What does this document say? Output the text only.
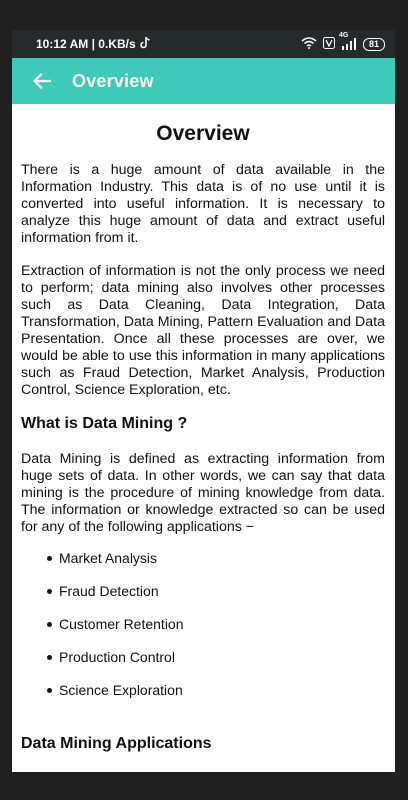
10:12 AM | 0.KB/s
4G
81
Overview
Overview

There is a huge amount of data available in the Information Industry. This data is of no use until it is converted into useful information. It is necessary to analyze this huge amount of data and extract useful information from it.

Extraction of information is not the only process we need to perform; data mining also involves other processes such as Data Cleaning, Data Integration, Data Transformation, Data Mining, Pattern Evaluation and Data Presentation. Once all these processes are over, we would be able to use this information in many applications such as Fraud Detection, Market Analysis, Production Control, Science Exploration, etc.

What is Data Mining ?

Data Mining is defined as extracting information from huge sets of data. In other words, we can say that data mining is the procedure of mining knowledge from data. The information or knowledge extracted so can be used for any of the following applications −

Market Analysis
Fraud Detection
Customer Retention
Production Control
Science Exploration
Data Mining Applications
